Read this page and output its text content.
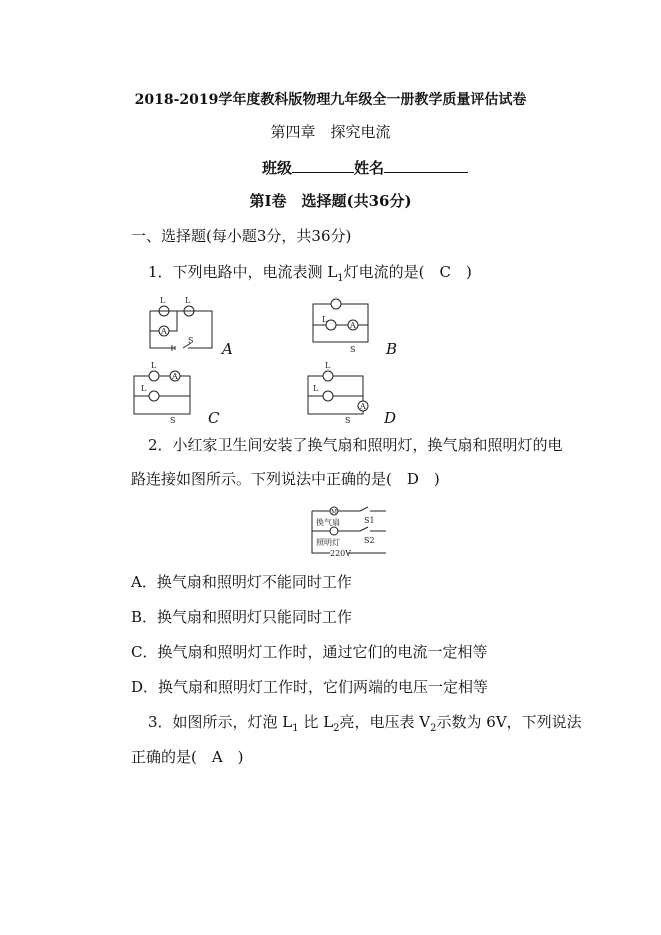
2018-2019学年度教科版物理九年级全一册教学质量评估试卷
第四章　探究电流
班级	姓名
第Ⅰ卷　选择题(共36分)
一、选择题(每小题3分，共36分)
1．下列电路中，电流表测 $L_1$灯电流的是(　C　)
L L
A
S
L
A
S
L
L
A
S
L
L
A
S
A	B
C	D
2．小红家卫生间安装了换气扇和照明灯，换气扇和照明灯的电
路连接如图所示。下列说法中正确的是(　D　)
M
换气扇
照明灯
S1
S2
220V
A．换气扇和照明灯不能同时工作
B．换气扇和照明灯只能同时工作
C．换气扇和照明灯工作时，通过它们的电流一定相等
D．换气扇和照明灯工作时，它们两端的电压一定相等
3．如图所示，灯泡 $L_1$ 比 $L_2$亮，电压表 $V_2$示数为 6V，下列说法
正确的是(　A　)
